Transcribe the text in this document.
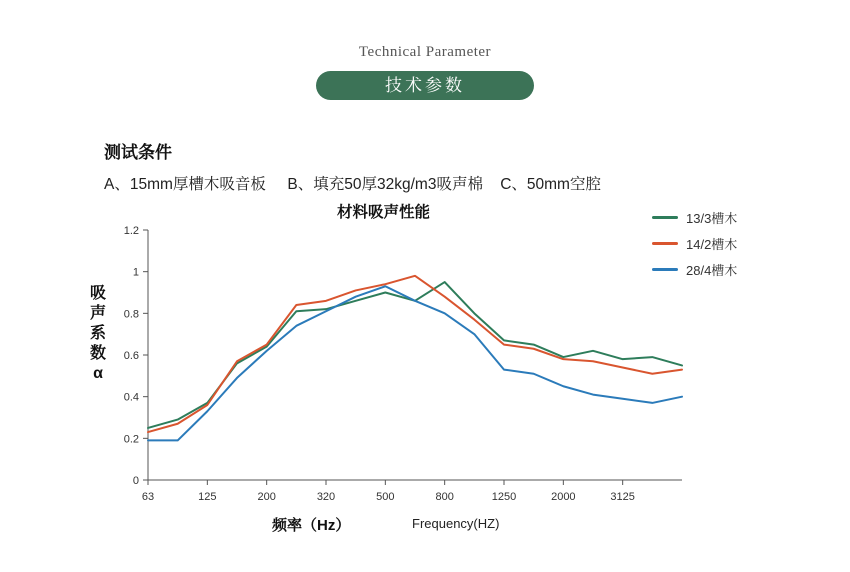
Technical Parameter
技术参数
测试条件
A、15mm厚槽木吸音板     B、填充50厚32kg/m3吸声棉    C、50mm空腔
材料吸声性能	13/3槽木
14/2槽木
28/4槽木
吸声系数 α
0
0.2
0.4
0.6
0.8
1
1.2
63	125	200	320	500	800	1250	2000	3125
频率（Hz）	Frequency(HZ)
